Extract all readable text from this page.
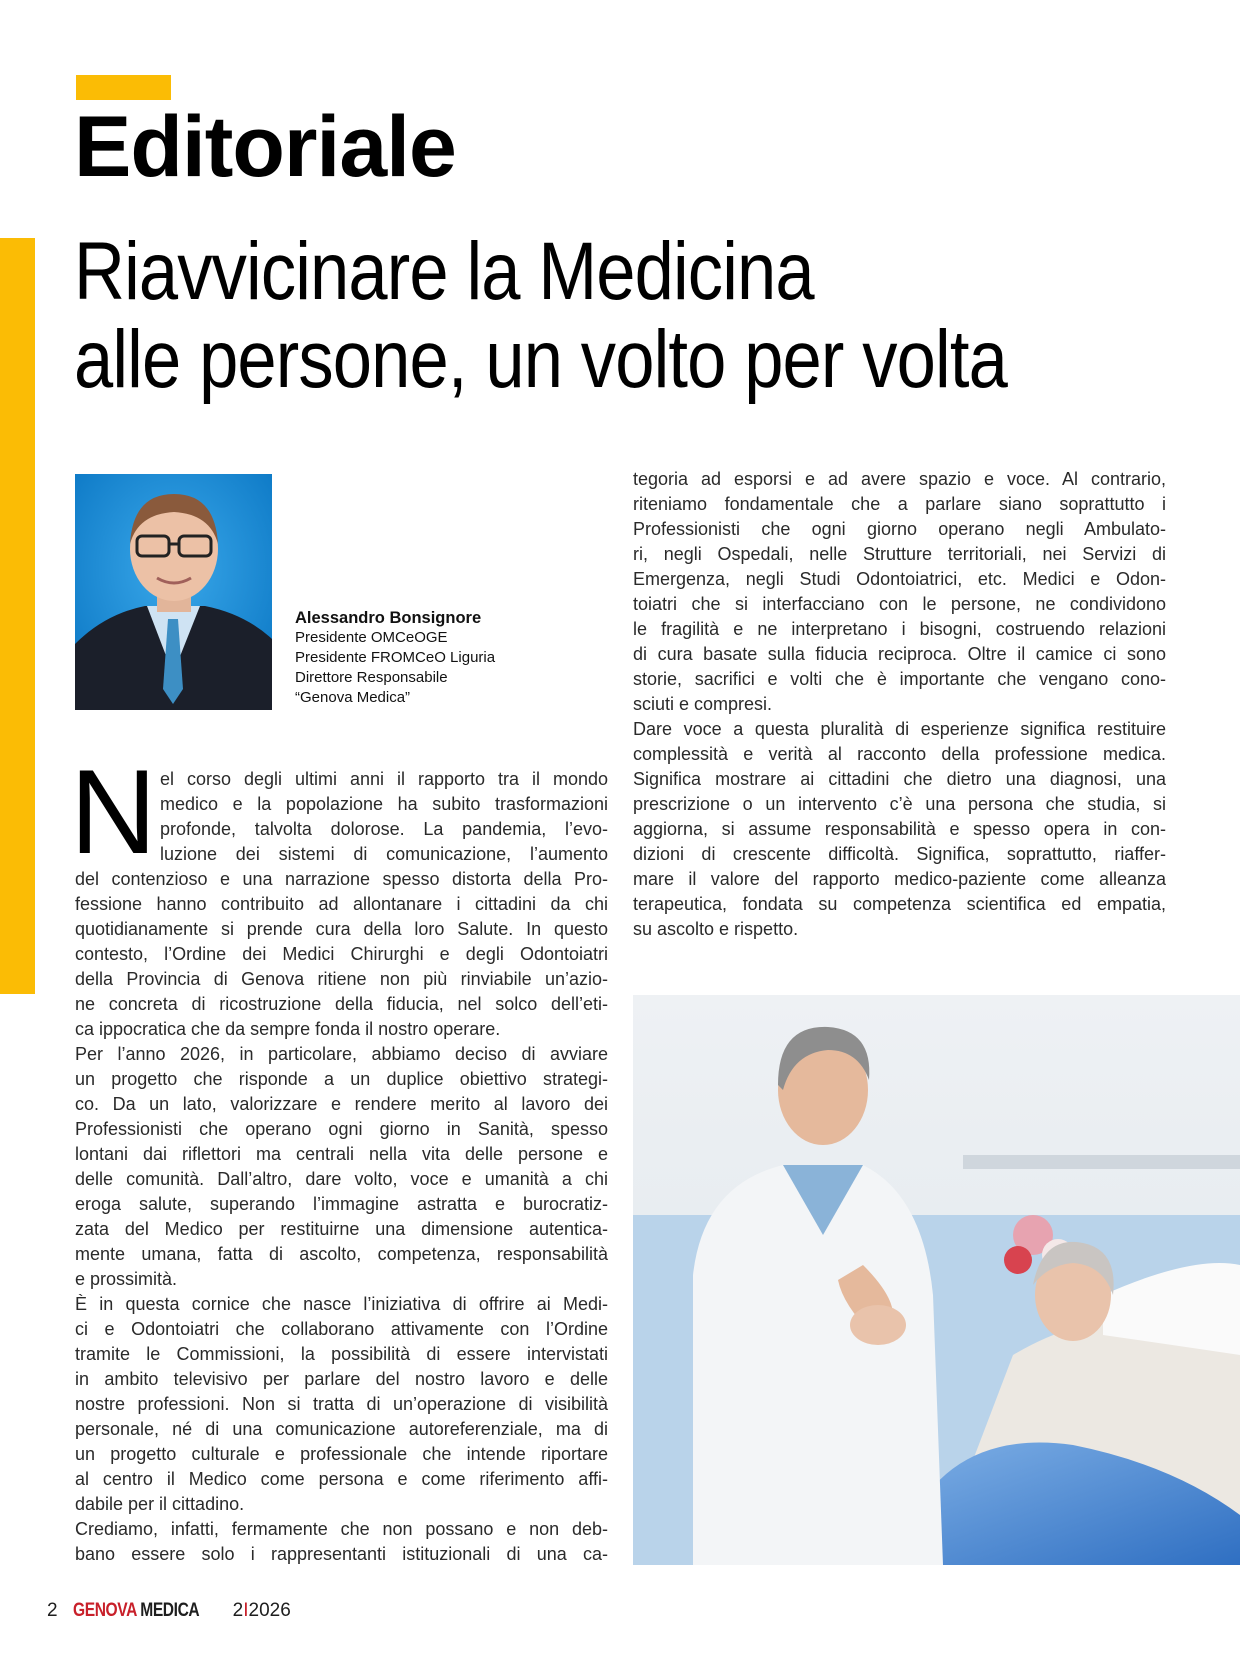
Editoriale
Riavvicinare la Medicina
alle persone, un volto per volta
Alessandro Bonsignore
Presidente OMCeOGE
Presidente FROMCeO Liguria
Direttore Responsabile
“Genova Medica”
N el corso degli ultimi anni il rapporto tra il mondo
medico e la popolazione ha subito trasformazioni
profonde, talvolta dolorose. La pandemia, l’evo-
luzione dei sistemi di comunicazione, l’aumento
del contenzioso e una narrazione spesso distorta della Pro-
fessione hanno contribuito ad allontanare i cittadini da chi
quotidianamente si prende cura della loro Salute. In questo
contesto, l’Ordine dei Medici Chirurghi e degli Odontoiatri
della Provincia di Genova ritiene non più rinviabile un’azio-
ne concreta di ricostruzione della fiducia, nel solco dell’eti-
ca ippocratica che da sempre fonda il nostro operare.
Per l’anno 2026, in particolare, abbiamo deciso di avviare
un progetto che risponde a un duplice obiettivo strategi-
co. Da un lato, valorizzare e rendere merito al lavoro dei
Professionisti che operano ogni giorno in Sanità, spesso
lontani dai riflettori ma centrali nella vita delle persone e
delle comunità. Dall’altro, dare volto, voce e umanità a chi
eroga salute, superando l’immagine astratta e burocratiz-
zata del Medico per restituirne una dimensione autentica-
mente umana, fatta di ascolto, competenza, responsabilità
e prossimità.
È in questa cornice che nasce l’iniziativa di offrire ai Medi-
ci e Odontoiatri che collaborano attivamente con l’Ordine
tramite le Commissioni, la possibilità di essere intervistati
in ambito televisivo per parlare del nostro lavoro e delle
nostre professioni. Non si tratta di un’operazione di visibilità
personale, né di una comunicazione autoreferenziale, ma di
un progetto culturale e professionale che intende riportare
al centro il Medico come persona e come riferimento affi-
dabile per il cittadino.
Crediamo, infatti, fermamente che non possano e non deb-
bano essere solo i rappresentanti istituzionali di una ca-
tegoria ad esporsi e ad avere spazio e voce. Al contrario,
riteniamo fondamentale che a parlare siano soprattutto i
Professionisti che ogni giorno operano negli Ambulato-
ri, negli Ospedali, nelle Strutture territoriali, nei Servizi di
Emergenza, negli Studi Odontoiatrici, etc. Medici e Odon-
toiatri che si interfacciano con le persone, ne condividono
le fragilità e ne interpretano i bisogni, costruendo relazioni
di cura basate sulla fiducia reciproca. Oltre il camice ci sono
storie, sacrifici e volti che è importante che vengano cono-
sciuti e compresi.
Dare voce a questa pluralità di esperienze significa restituire
complessità e verità al racconto della professione medica.
Significa mostrare ai cittadini che dietro una diagnosi, una
prescrizione o un intervento c’è una persona che studia, si
aggiorna, si assume responsabilità e spesso opera in con-
dizioni di crescente difficoltà. Significa, soprattutto, riaffer-
mare il valore del rapporto medico-paziente come alleanza
terapeutica, fondata su competenza scientifica ed empatia,
su ascolto e rispetto.
2 GENOVA MEDICA 2I2026
